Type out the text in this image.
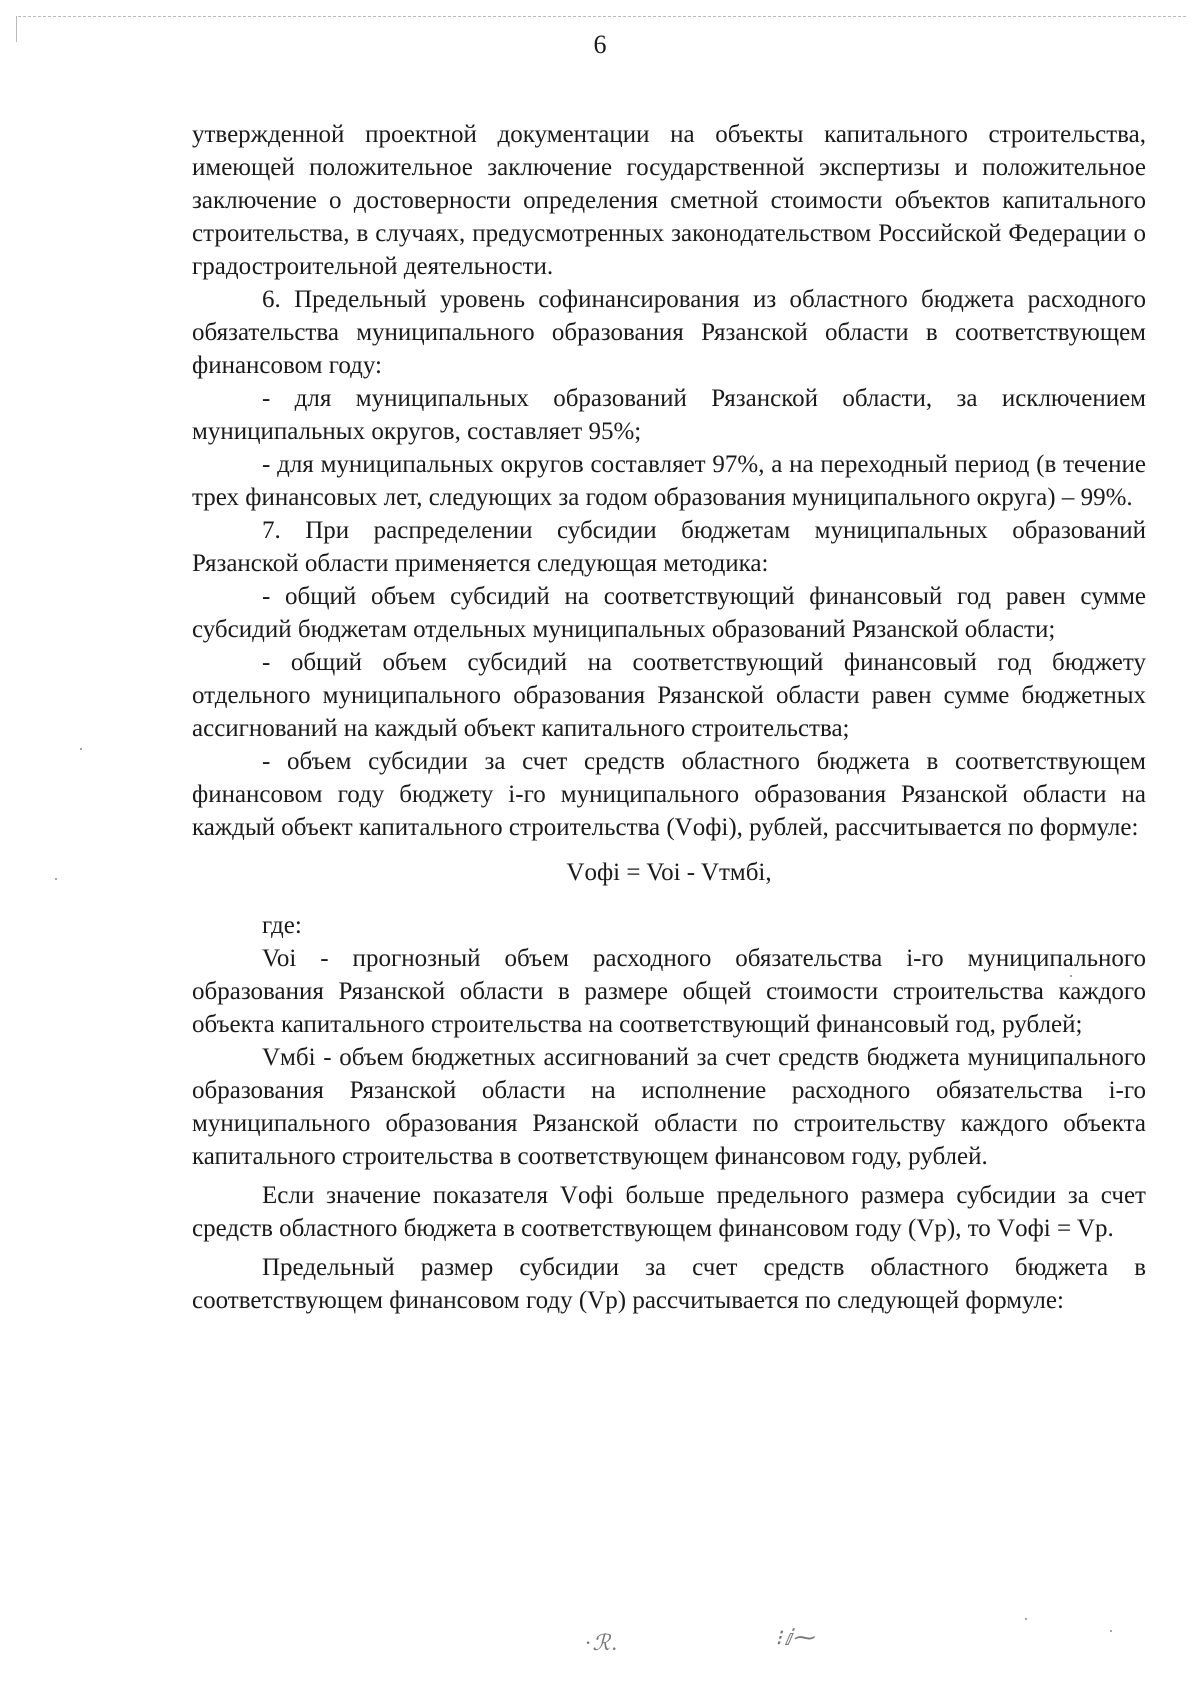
6

утвержденной проектной документации на объекты капитального строительства, имеющей положительное заключение государственной экспертизы и положительное заключение о достоверности определения сметной стоимости объектов капитального строительства, в случаях, предусмотренных законодательством Российской Федерации о градостроительной деятельности.

6. Предельный уровень софинансирования из областного бюджета расходного обязательства муниципального образования Рязанской области в соответствующем финансовом году:

- для муниципальных образований Рязанской области, за исключением муниципальных округов, составляет 95%;

- для муниципальных округов составляет 97%, а на переходный период (в течение трех финансовых лет, следующих за годом образования муниципального округа) – 99%.

7. При распределении субсидии бюджетам муниципальных образований Рязанской области применяется следующая методика:

- общий объем субсидий на соответствующий финансовый год равен сумме субсидий бюджетам отдельных муниципальных образований Рязанской области;

- общий объем субсидий на соответствующий финансовый год бюджету отдельного муниципального образования Рязанской области равен сумме бюджетных ассигнований на каждый объект капитального строительства;

- объем субсидии за счет средств областного бюджета в соответствующем финансовом году бюджету i-го муниципального образования Рязанской области на каждый объект капитального строительства (Vофi), рублей, рассчитывается по формуле:

Vофi = Voi - Vтмбi,

где:

Voi - прогнозный объем расходного обязательства i-го муниципального образования Рязанской области в размере общей стоимости строительства каждого объекта капитального строительства на соответствующий финансовый год, рублей;

Vмбi - объем бюджетных ассигнований за счет средств бюджета муниципального образования Рязанской области на исполнение расходного обязательства i-го муниципального образования Рязанской области по строительству каждого объекта капитального строительства в соответствующем финансовом году, рублей.

Если значение показателя Vофi больше предельного размера субсидии за счет средств областного бюджета в соответствующем финансовом году (Vp), то Vофi = Vp.

Предельный размер субсидии за счет средств областного бюджета в соответствующем финансовом году (Vp) рассчитывается по следующей формуле:

·ℛ.	⁝ⅈ⁓
